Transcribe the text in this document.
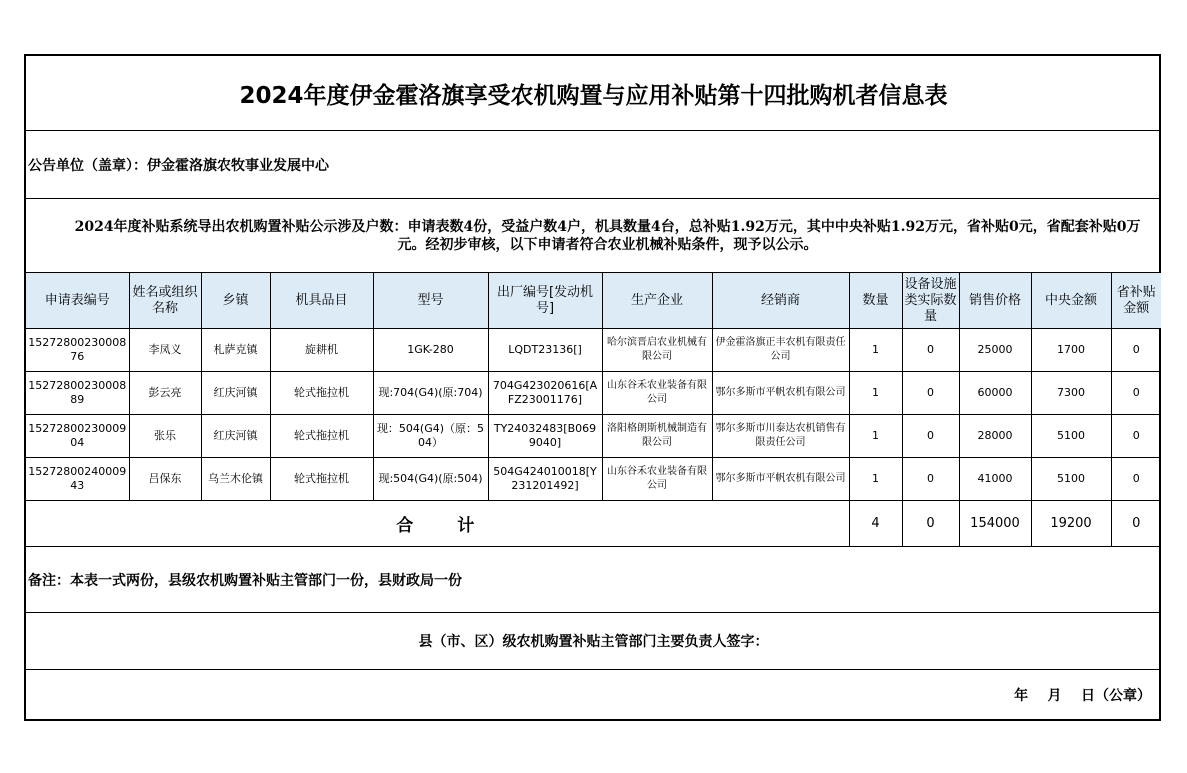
2024年度伊金霍洛旗享受农机购置与应用补贴第十四批购机者信息表												
公告单位（盖章）：伊金霍洛旗农牧事业发展中心												
2024年度补贴系统导出农机购置补贴公示涉及户数：申请表数4份，受益户数4户，机具数量4台，总补贴1.92万元，其中中央补贴1.92万元，省补贴0元，省配套补贴0万元。经初步审核，以下申请者符合农业机械补贴条件，现予以公示。												
申请表编号	姓名或组织名称	乡镇	机具品目	型号	出厂编号[发动机号]	生产企业	经销商	数量	设备设施类实际数量	销售价格	中央金额	省补贴金额
1527280023000876	李凤义	札萨克镇	旋耕机	1GK-280	LQDT23136[]	哈尔滨晋启农业机械有限公司	伊金霍洛旗正丰农机有限责任公司	1	0	25000	1700	0
1527280023000889	彭云亮	红庆河镇	轮式拖拉机	现:704(G4)(原:704)	704G423020616[AFZ23001176]	山东谷禾农业装备有限公司	鄂尔多斯市平帆农机有限公司	1	0	60000	7300	0
1527280023000904	张乐	红庆河镇	轮式拖拉机	现：504(G4)（原：504）	TY24032483[B0699040]	洛阳格朗斯机械制造有限公司	鄂尔多斯市川泰达农机销售有限责任公司	1	0	28000	5100	0
1527280024000943	吕保东	乌兰木伦镇	轮式拖拉机	现:504(G4)(原:504)	504G424010018[Y231201492]	山东谷禾农业装备有限公司	鄂尔多斯市平帆农机有限公司	1	0	41000	5100	0
合 计								4	0	154000	19200	0
备注：本表一式两份，县级农机购置补贴主管部门一份，县财政局一份												
县（市、区）级农机购置补贴主管部门主要负责人签字：												
年    月    日（公章）												
